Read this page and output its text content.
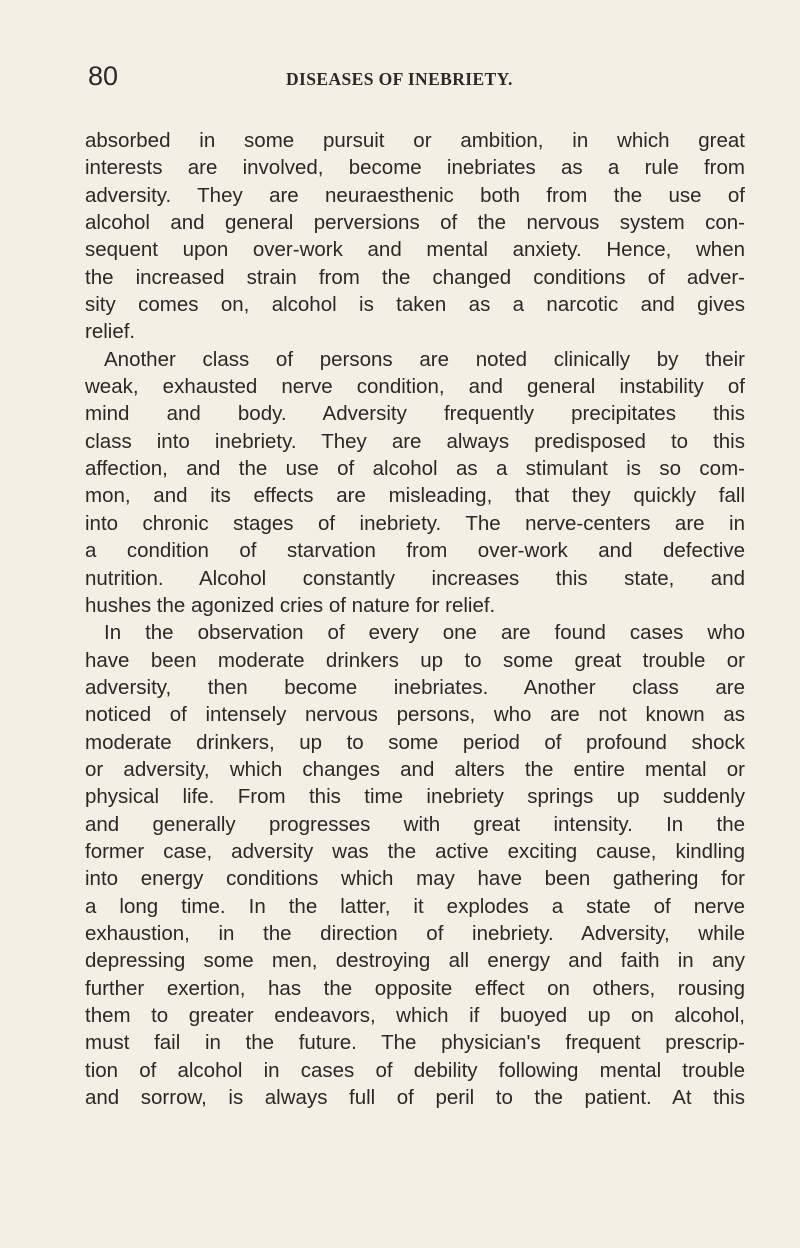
80	DISEASES OF INEBRIETY.
absorbed in some pursuit or ambition, in which great
interests are involved, become inebriates as a rule from
adversity. They are neuraesthenic both from the use of
alcohol and general perversions of the nervous system con-
sequent upon over-work and mental anxiety. Hence, when
the increased strain from the changed conditions of adver-
sity comes on, alcohol is taken as a narcotic and gives
relief.
Another class of persons are noted clinically by their
weak, exhausted nerve condition, and general instability of
mind and body. Adversity frequently precipitates this
class into inebriety. They are always predisposed to this
affection, and the use of alcohol as a stimulant is so com-
mon, and its effects are misleading, that they quickly fall
into chronic stages of inebriety. The nerve-centers are in
a condition of starvation from over-work and defective
nutrition. Alcohol constantly increases this state, and
hushes the agonized cries of nature for relief.
In the observation of every one are found cases who
have been moderate drinkers up to some great trouble or
adversity, then become inebriates. Another class are
noticed of intensely nervous persons, who are not known as
moderate drinkers, up to some period of profound shock
or adversity, which changes and alters the entire mental or
physical life. From this time inebriety springs up suddenly
and generally progresses with great intensity. In the
former case, adversity was the active exciting cause, kindling
into energy conditions which may have been gathering for
a long time. In the latter, it explodes a state of nerve
exhaustion, in the direction of inebriety. Adversity, while
depressing some men, destroying all energy and faith in any
further exertion, has the opposite effect on others, rousing
them to greater endeavors, which if buoyed up on alcohol,
must fail in the future. The physician's frequent prescrip-
tion of alcohol in cases of debility following mental trouble
and sorrow, is always full of peril to the patient. At this
